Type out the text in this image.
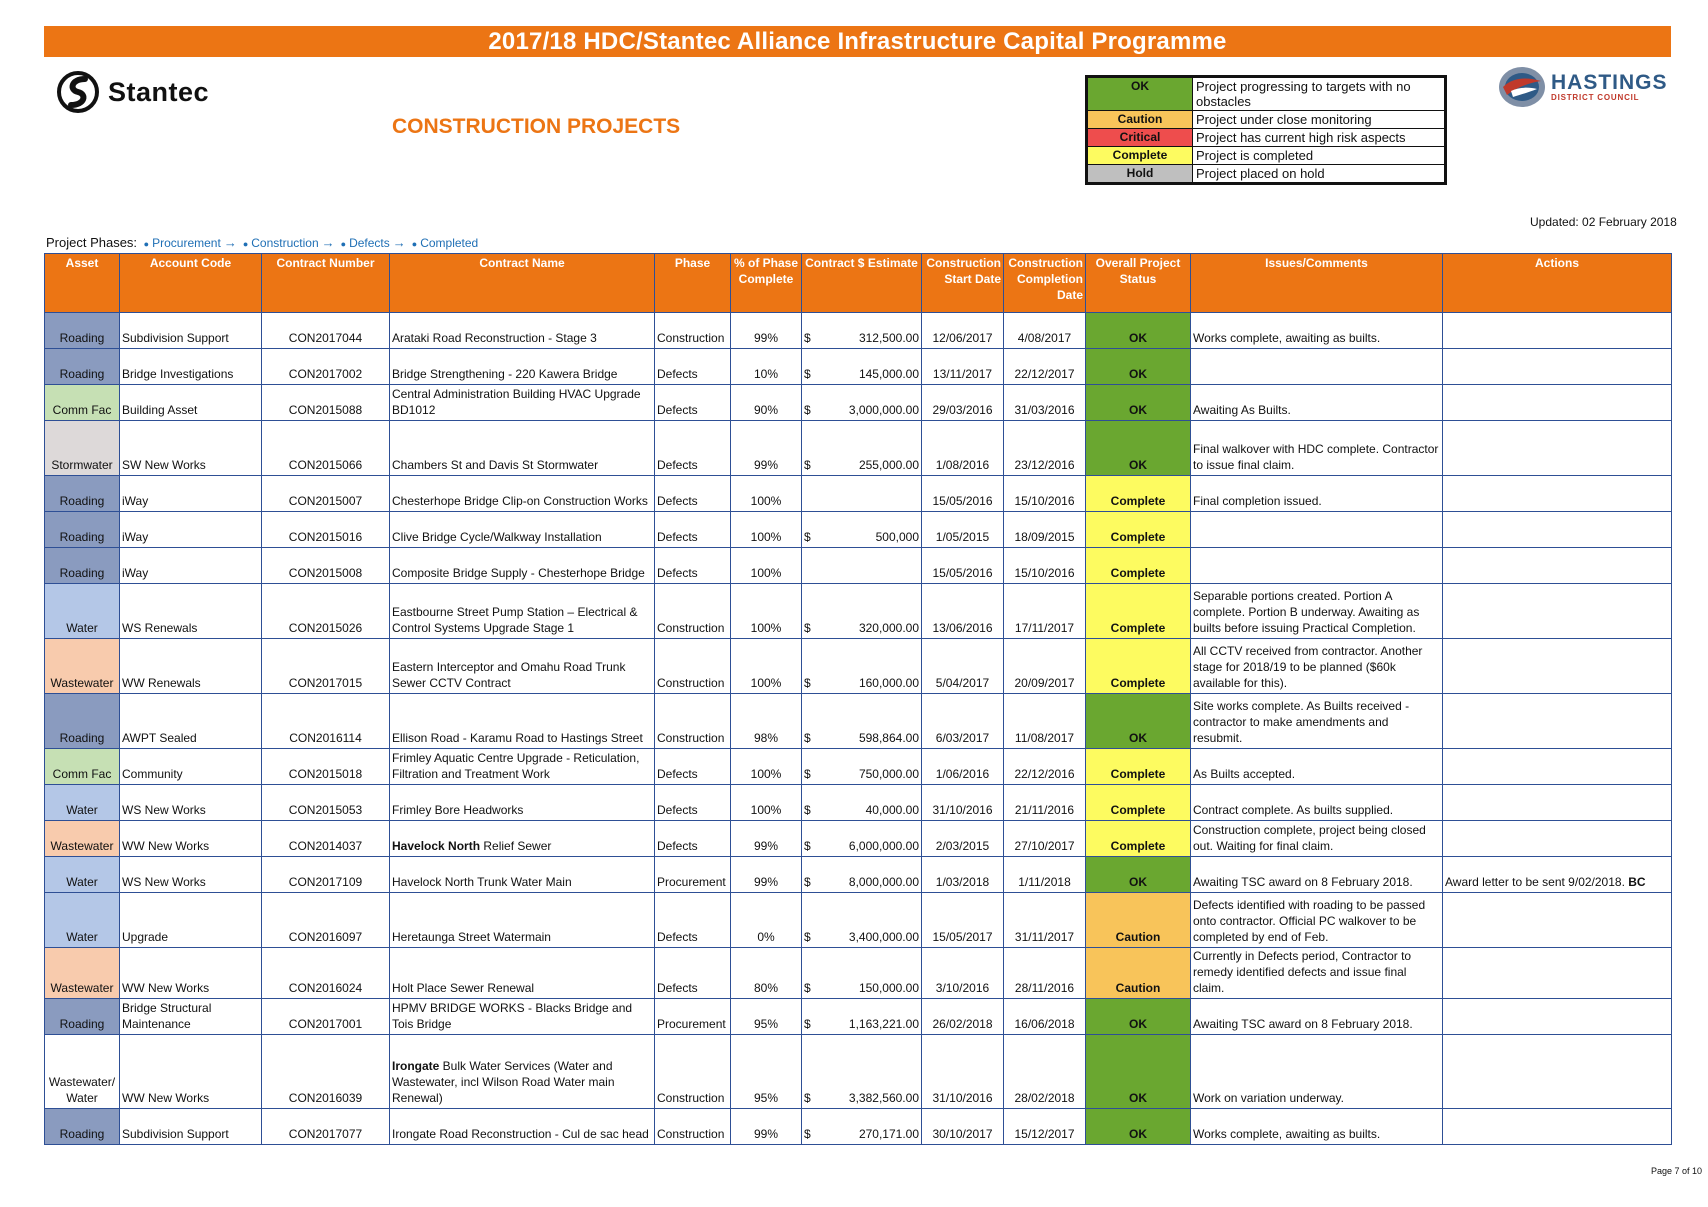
2017/18 HDC/Stantec Alliance Infrastructure Capital Programme
Stantec
CONSTRUCTION PROJECTS
OK	Project progressing to targets with no obstacles
Caution	Project under close monitoring
Critical	Project has current high risk aspects
Complete	Project is completed
Hold	Project placed on hold
HASTINGS
DISTRICT COUNCIL
Updated: 02 February 2018
Project Phases: ● Procurement → ● Construction → ● Defects → ● Completed
Asset	Account Code	Contract Number	Contract Name	Phase	% of Phase Complete	Contract $ Estimate	Construction Start Date	Construction Completion Date	Overall Project Status	Issues/Comments	Actions
Roading	Subdivision Support	CON2017044	Arataki Road Reconstruction - Stage 3	Construction	99%	$ 312,500.00	12/06/2017	4/08/2017	OK	Works complete, awaiting as builts.	
Roading	Bridge Investigations	CON2017002	Bridge Strengthening - 220 Kawera Bridge	Defects	10%	$ 145,000.00	13/11/2017	22/12/2017	OK		
Comm Fac	Building Asset	CON2015088	Central Administration Building HVAC Upgrade BD1012	Defects	90%	$ 3,000,000.00	29/03/2016	31/03/2016	OK	Awaiting As Builts.	
Stormwater	SW New Works	CON2015066	Chambers St and Davis St Stormwater	Defects	99%	$ 255,000.00	1/08/2016	23/12/2016	OK	Final walkover with HDC complete. Contractor to issue final claim.	
Roading	iWay	CON2015007	Chesterhope Bridge Clip-on Construction Works	Defects	100%		15/05/2016	15/10/2016	Complete	Final completion issued.	
Roading	iWay	CON2015016	Clive Bridge Cycle/Walkway Installation	Defects	100%	$ 500,000	1/05/2015	18/09/2015	Complete		
Roading	iWay	CON2015008	Composite Bridge Supply - Chesterhope Bridge	Defects	100%		15/05/2016	15/10/2016	Complete		
Water	WS Renewals	CON2015026	Eastbourne Street Pump Station – Electrical & Control Systems Upgrade Stage 1	Construction	100%	$ 320,000.00	13/06/2016	17/11/2017	Complete	Separable portions created. Portion A complete. Portion B underway. Awaiting as builts before issuing Practical Completion.	
Wastewater	WW Renewals	CON2017015	Eastern Interceptor and Omahu Road Trunk Sewer CCTV Contract	Construction	100%	$ 160,000.00	5/04/2017	20/09/2017	Complete	All CCTV received from contractor. Another stage for 2018/19 to be planned ($60k available for this).	
Roading	AWPT Sealed	CON2016114	Ellison Road - Karamu Road to Hastings Street	Construction	98%	$ 598,864.00	6/03/2017	11/08/2017	OK	Site works complete. As Builts received - contractor to make amendments and resubmit.	
Comm Fac	Community	CON2015018	Frimley Aquatic Centre Upgrade - Reticulation, Filtration and Treatment Work	Defects	100%	$ 750,000.00	1/06/2016	22/12/2016	Complete	As Builts accepted.	
Water	WS New Works	CON2015053	Frimley Bore Headworks	Defects	100%	$ 40,000.00	31/10/2016	21/11/2016	Complete	Contract complete. As builts supplied.	
Wastewater	WW New Works	CON2014037	Havelock North Relief Sewer	Defects	99%	$ 6,000,000.00	2/03/2015	27/10/2017	Complete	Construction complete, project being closed out. Waiting for final claim.	
Water	WS New Works	CON2017109	Havelock North Trunk Water Main	Procurement	99%	$ 8,000,000.00	1/03/2018	1/11/2018	OK	Awaiting TSC award on 8 February 2018.	Award letter to be sent 9/02/2018. BC
Water	Upgrade	CON2016097	Heretaunga Street Watermain	Defects	0%	$ 3,400,000.00	15/05/2017	31/11/2017	Caution	Defects identified with roading to be passed onto contractor. Official PC walkover to be completed by end of Feb.	
Wastewater	WW New Works	CON2016024	Holt Place Sewer Renewal	Defects	80%	$ 150,000.00	3/10/2016	28/11/2016	Caution	Currently in Defects period, Contractor to remedy identified defects and issue final claim.	
Roading	Bridge Structural Maintenance	CON2017001	HPMV BRIDGE WORKS - Blacks Bridge and Tois Bridge	Procurement	95%	$ 1,163,221.00	26/02/2018	16/06/2018	OK	Awaiting TSC award on 8 February 2018.	
Wastewater/ Water	WW New Works	CON2016039	Irongate Bulk Water Services (Water and Wastewater, incl Wilson Road Water main Renewal)	Construction	95%	$ 3,382,560.00	31/10/2016	28/02/2018	OK	Work on variation underway.	
Roading	Subdivision Support	CON2017077	Irongate Road Reconstruction - Cul de sac head	Construction	99%	$ 270,171.00	30/10/2017	15/12/2017	OK	Works complete, awaiting as builts.	
Page 7 of 10
